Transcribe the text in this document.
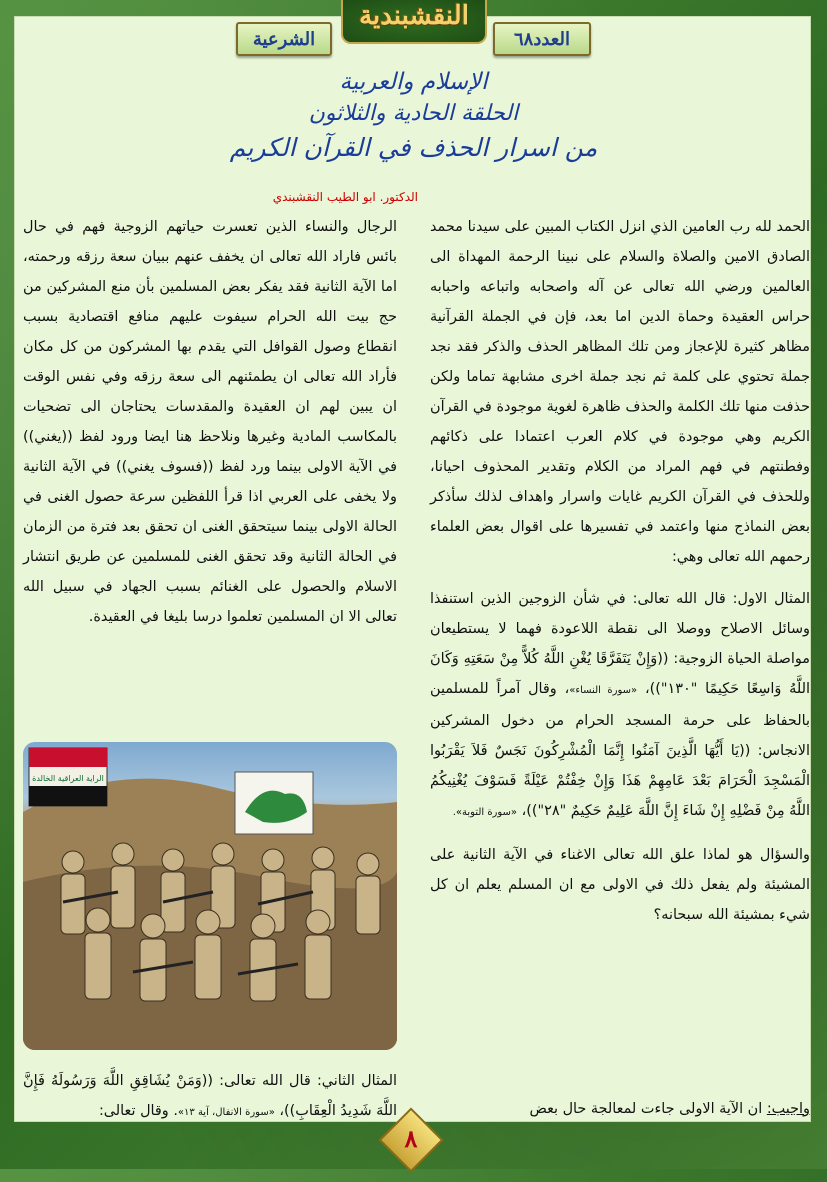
الشرعية
النقشبندية
العدد٦٨
الإسلام والعربية
الحلقة الحادية والثلاثون
من اسرار الحذف في القرآن الكريم
الدكتور. ابو الطيب النقشبندي

الحمد لله رب العامين الذي انزل الكتاب المبين على سيدنا محمد الصادق الامين والصلاة والسلام على نبينا الرحمة المهداة الى العالمين ورضي الله تعالى عن آله واصحابه واتباعه واحبابه حراس العقيدة وحماة الدين اما بعد، فإن في الجملة القرآنية مظاهر كثيرة للإعجاز ومن تلك المظاهر الحذف والذكر فقد نجد جملة تحتوي على كلمة ثم نجد جملة اخرى مشابهة تماما ولكن حذفت منها تلك الكلمة والحذف ظاهرة لغوية موجودة في القرآن الكريم وهي موجودة في كلام العرب اعتمادا على ذكائهم وفطنتهم في فهم المراد من الكلام وتقدير المحذوف احيانا، وللحذف في القرآن الكريم غايات واسرار واهداف لذلك سأذكر بعض النماذج منها واعتمد في تفسيرها على اقوال بعض العلماء رحمهم الله تعالى وهي:

المثال الاول: قال الله تعالى: في شأن الزوجين الذين استنفذا وسائل الاصلاح ووصلا الى نقطة اللاعودة فهما لا يستطيعان مواصلة الحياة الزوجية: ((وَإِنْ يَتَفَرَّقَا يُغْنِ اللَّهُ كُلاًّ مِنْ سَعَتِهِ وَكَانَ اللَّهُ وَاسِعًا حَكِيمًا "١٣٠"))، «سورة النساء»، وقال آمراً للمسلمين بالحفاظ على حرمة المسجد الحرام من دخول المشركين الانجاس: ((يَا أَيُّهَا الَّذِينَ آمَنُوا إِنَّمَا الْمُشْرِكُونَ نَجَسٌ فَلاَ يَقْرَبُوا الْمَسْجِدَ الْحَرَامَ بَعْدَ عَامِهِمْ هَذَا وَإِنْ خِفْتُمْ عَيْلَةً فَسَوْفَ يُغْنِيكُمُ اللَّهُ مِنْ فَضْلِهِ إِنْ شَاءَ إِنَّ اللَّهَ عَلِيمٌ حَكِيمٌ "٢٨"))، «سورة التوبة».

والسؤال هو لماذا علق الله تعالى الاغناء في الآية الثانية على المشيئة ولم يفعل ذلك في الاولى مع ان المسلم يعلم ان كل شيء بمشيئة الله سبحانه؟

الرجال والنساء الذين تعسرت حياتهم الزوجية فهم في حال بائس فاراد الله تعالى ان يخفف عنهم ببيان سعة رزقه ورحمته، اما الآية الثانية فقد يفكر بعض المسلمين بأن منع المشركين من حج بيت الله الحرام سيفوت عليهم منافع اقتصادية بسبب انقطاع وصول القوافل التي يقدم بها المشركون من كل مكان فأراد الله تعالى ان يطمئنهم الى سعة رزقه وفي نفس الوقت ان يبين لهم ان العقيدة والمقدسات يحتاجان الى تضحيات بالمكاسب المادية وغيرها ونلاحظ هنا ايضا ورود لفظ ((يغني)) في الآية الاولى بينما ورد لفظ ((فسوف يغني)) في الآية الثانية ولا يخفى على العربي اذا قرأ اللفظين سرعة حصول الغنى في الحالة الاولى بينما سيتحقق الغنى ان تحقق بعد فترة من الزمان في الحالة الثانية وقد تحقق الغنى للمسلمين عن طريق انتشار الاسلام والحصول على الغنائم بسبب الجهاد في سبيل الله تعالى الا ان المسلمين تعلموا درسا بليغا في العقيدة.

الراية العراقية الخالدة

المثال الثاني: قال الله تعالى: ((وَمَنْ يُشَاقِقِ اللَّهَ وَرَسُولَهُ فَإِنَّ اللَّهَ شَدِيدُ الْعِقَابِ))، «سورة الانفال، آية ١٣». وقال تعالى:	واجيب: ان الآية الاولى جاءت لمعالجة حال بعض

٨
